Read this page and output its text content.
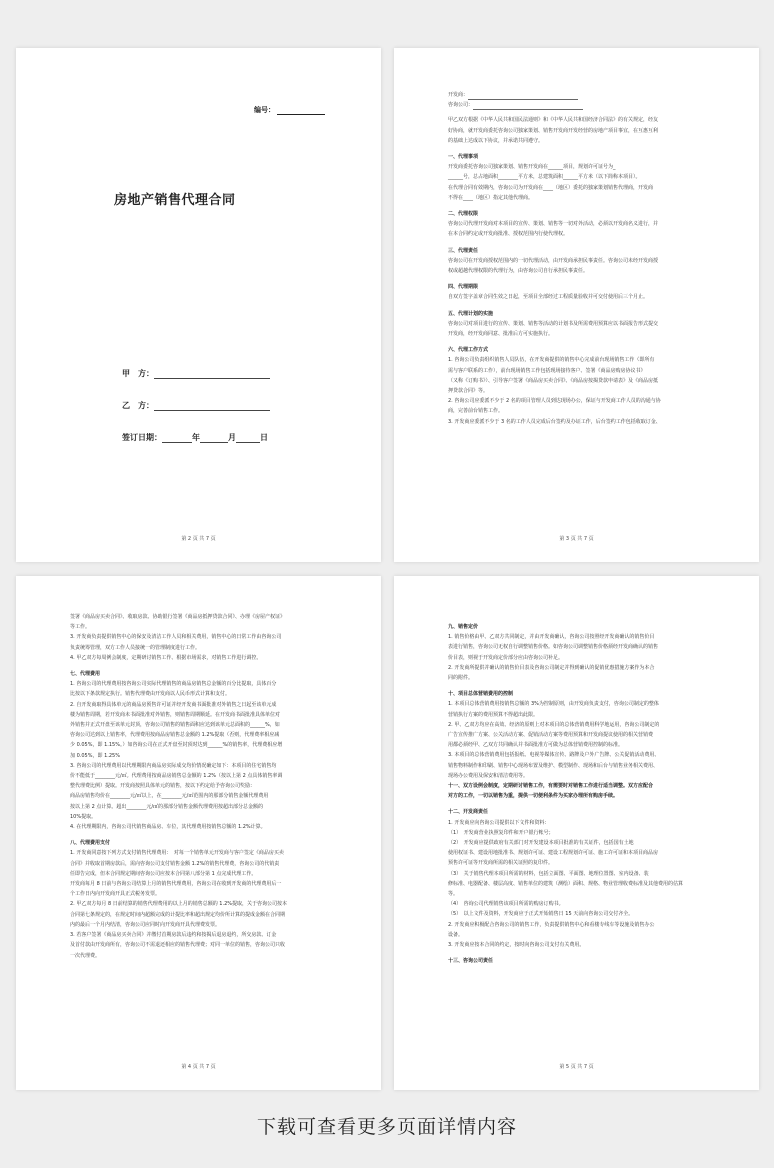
编号：
房地产销售代理合同
甲　方：
乙　方：
签订日期：	年	月	日
第 2 页 共 7 页

开发商：

咨询公司：

甲乙双方根据《中华人民共和国民法通则》和《中华人民共和国经济合同法》的有关规定，经友

好协商，就开发商委托咨询公司独家策划、销售开发商开发经营的房地产项目事宜，在互惠互利

的基础上达成以下协议，并承诺共同遵守。

一、代理事项

开发商委托咨询公司独家策划、销售开发商在______项目，规划许可证号为_

______号，总占地面积________平方米，总建筑面积______平方米（以下简称本项目）。

在代理合同有效期内，咨询公司为开发商在____（地区）委托的独家策划销售代理商，开发商

不得在____（地区）指定其他代理商。

二、代理权限

咨询公司代理开发商对本项目的宣传、策划、销售等一切对外活动，必须以开发商名义进行，并

在本合同约定或开发商批准、授权范围内行使代理权。

三、代理责任

咨询公司在开发商授权范围内的一切代理活动，由开发商承担民事责任。咨询公司未经开发商授

权或超越代理权限的代理行为，由咨询公司自行承担民事责任。

四、代理期限

自双方签字盖章合同生效之日起，至项目全部经过工程质量验收并可交付使用后三个月止。

五、代理计划的实施

咨询公司对项目进行的宣传、策划、销售等活动的计划书及所需费用预算应以书面报告形式提交

开发商，经开发商同意、批准后方可实施执行。

六、代理工作方式

1. 咨询公司负责组织销售人员队伍，在开发商提供的销售中心完成前台现场销售工作（即所有

需与客户联系的工作），前台现场销售工作包括现场接待客户、签署《商品房购房协议书》

（又称《订购书》）、引导客户签署《商品房买卖合同》、《商品房按揭贷款申请表》及《商品房抵

押贷款合同》等。

2. 咨询公司应委派不少于 2 名的项目管理人员到达现场办公，保证与开发商工作人员的沟通与协

商，完善前台销售工作。

3. 开发商应委派不少于 3 名的工作人员完成后台签约及办证工作，后台签约工作包括收取订金、

第 3 页 共 7 页

签署《商品房买卖合同》、收取房款、协助银行签署《商品房抵押贷款合同》、办理《房屋产权证》

等工作。

3. 开发商负责提供销售中心的保安及清洁工作人员和相关费用，销售中心的日常工作由咨询公司

负责统筹管理，双方工作人员接统一的管理制度进行工作。

4. 甲乙双方每周例会制度，定期研讨销售工作、根据市场需求，对销售工作进行调控。

七、代理费用

1. 咨询公司的代理费用按咨询公司实际代理销售的商品房销售总金额的百分比提取，具体百分

比按以下条款规定执行。销售代理费由开发商以人民币形式计算和支付。

2. 自开发商取得具体单元的商品房预售许可证并经开发商书面批准对外销售之日起至该单元成

楼为销售周期，若开发商未书面批准对外销售，则销售周期顺延。在开发商书面批准具体单位对

外销售并正式开盘至该单元封顶，咨询公司销售的销售面积应达到该单元总面积的______%，如

咨询公司达到以上销售率，代理费用按商品房销售总金额的 1.2%提取（否则，代理费率相应减

少 0.05%，即 1.15%。）如咨询公司在正式开盘至封顶时达到______%的销售率，代理费相应增

加 0.05%，即 1.25%

3. 咨询公司的代理费用以代理期限内商品房实际成交均价情况确定如下：本项目的住宅销售均

价不能低于________元/㎡。代理费用按商品房销售总金额的 1.2%（按以上第 2 点具体销售率调

整代理费比例）提取。开发商按照具体单元的销售，按以下约定给予咨询公司奖励：

商品房销售均价在________元/㎡以上，在________元/㎡范围内的那部分销售金额代理费用

按以上第 2 点计算。超出________元/㎡的那部分销售金额代理费用按超出部分总金额的

10%提取。

4. 在代理期限内，咨询公司代销售商品房、车位，其代理费用按销售总额的 1.2%计算。

八、代理费用支付

1. 开发商同意按下列方式支付销售代理费用：　对每一个销售单元开发商与客户签定《商品房买卖

合同》并收取首期房款后，需向咨询公司支付销售金额 1.2%的销售代理费，咨询公司的代销责

任即告完成，但本合同规定期间咨询公司应按本合同第八部分第 1 点完成代理工作。

开发商每月 8 日前与咨询公司结算上月的销售代理费用，咨询公司在收到开发商的代理费用后一

个工作日内向开发商开具正式税务发票。

2. 甲乙双方每月 8 日前结算的销售代理费用的以上月的销售总额的 1.2%提取，关于咨询公司按本

合同第七条规定的，在规定时间内超额完成的计提比率和超出规定均价所计算的提成金额在合同期

内的最后一个月内结清，咨询公司应同时向开发商开具代理费发票。

3. 若客户签署《商品房买卖合同》并缴付首期房款后违约和按揭后退房退约，所交房款、订金

及首付款由开发商所有，咨询公司不需退还相应的销售代理费；对同一单位的销售，咨询公司只收

一次代理费。

第 4 页 共 7 页

九、销售定价

1. 销售价格由甲、乙双方共同制定，并由开发商确认，咨询公司按照经开发商确认的销售价目

表进行销售，咨询公司无权自行调整销售价格。如咨询公司调整销售价格须经开发商确认的销售

价目表，则视于开发商定价部分应由咨询公司补足。

2. 开发商所提供并确认的销售价目表及咨询公司制定并得到确认的促销优惠措施方案作为本合

同的附件。

十、项目总体营销费用的控制

1. 本项目总体营销费用按销售总额的 3%为控制原则，由开发商负责支付，咨询公司制定的整体

营销执行方案的费用预算不得超出此限。

2. 甲、乙双方均应在高效、经济的原则上对本项目的总体营销费用科学地运用，咨询公司制定的

广告宣传推广方案、公关活动方案、促销活动方案等费用预算和开发商提议使用的相关营销费

用都必须经甲、乙双方共同确认并书面批准方可做为总体营销费用控制的标准。

3. 本项目的总体营销费用包括报纸、电视等媒体宣传、路牌及户外广告牌、公关促销活动费用、

销售物料制作和印刷、销售中心现场布置及维护、模型制作、现场和后台与销售业务相关费用、

现场办公费用及保安和清洁费用等。

十一、双方设例会制度，定期研讨销售工作，有需要时对销售工作进行适当调整。双方应配合

对方的工作，一切以销售为重，提供一切便利条件为买家办理所有购房手续。

十二、开发商责任

1. 开发商应向咨询公司提供以下文件和资料：

（1）　开发商营业执照复印件和开户银行帐号；

（2）　开发商应提供政府有关部门对开发建设本项目批准的有关证件，包括国有土地

使用权证书、建设用地批准书、规划许可证、建设工程规划许可证、施工许可证和本项目商品房

预售许可证等开发商所需的相关证照的复印件。

（3）　关于销售代理本项目所需的材料，包括立面图、平面图、地理位置图、室内设备、装

修标准、电器配备、楼层高度、销售单位的建筑（测绘）面积、规格、物业管理收费标准及其他费用的估算

等。

（4）　咨询公司代理销售该项目所需的购房订购书。

（5）　以上文件及资料，开发商应于正式开始销售日 15 天前向咨询公司交付齐全。

2. 开发商应积极配合咨询公司的销售工作，负责提供销售中心和看楼专线车等设施及销售办公

设备。

3. 开发商应按本合同的约定，按时向咨询公司支付有关费用。

十三、咨询公司责任

第 5 页 共 7 页
下载可查看更多页面详情内容
